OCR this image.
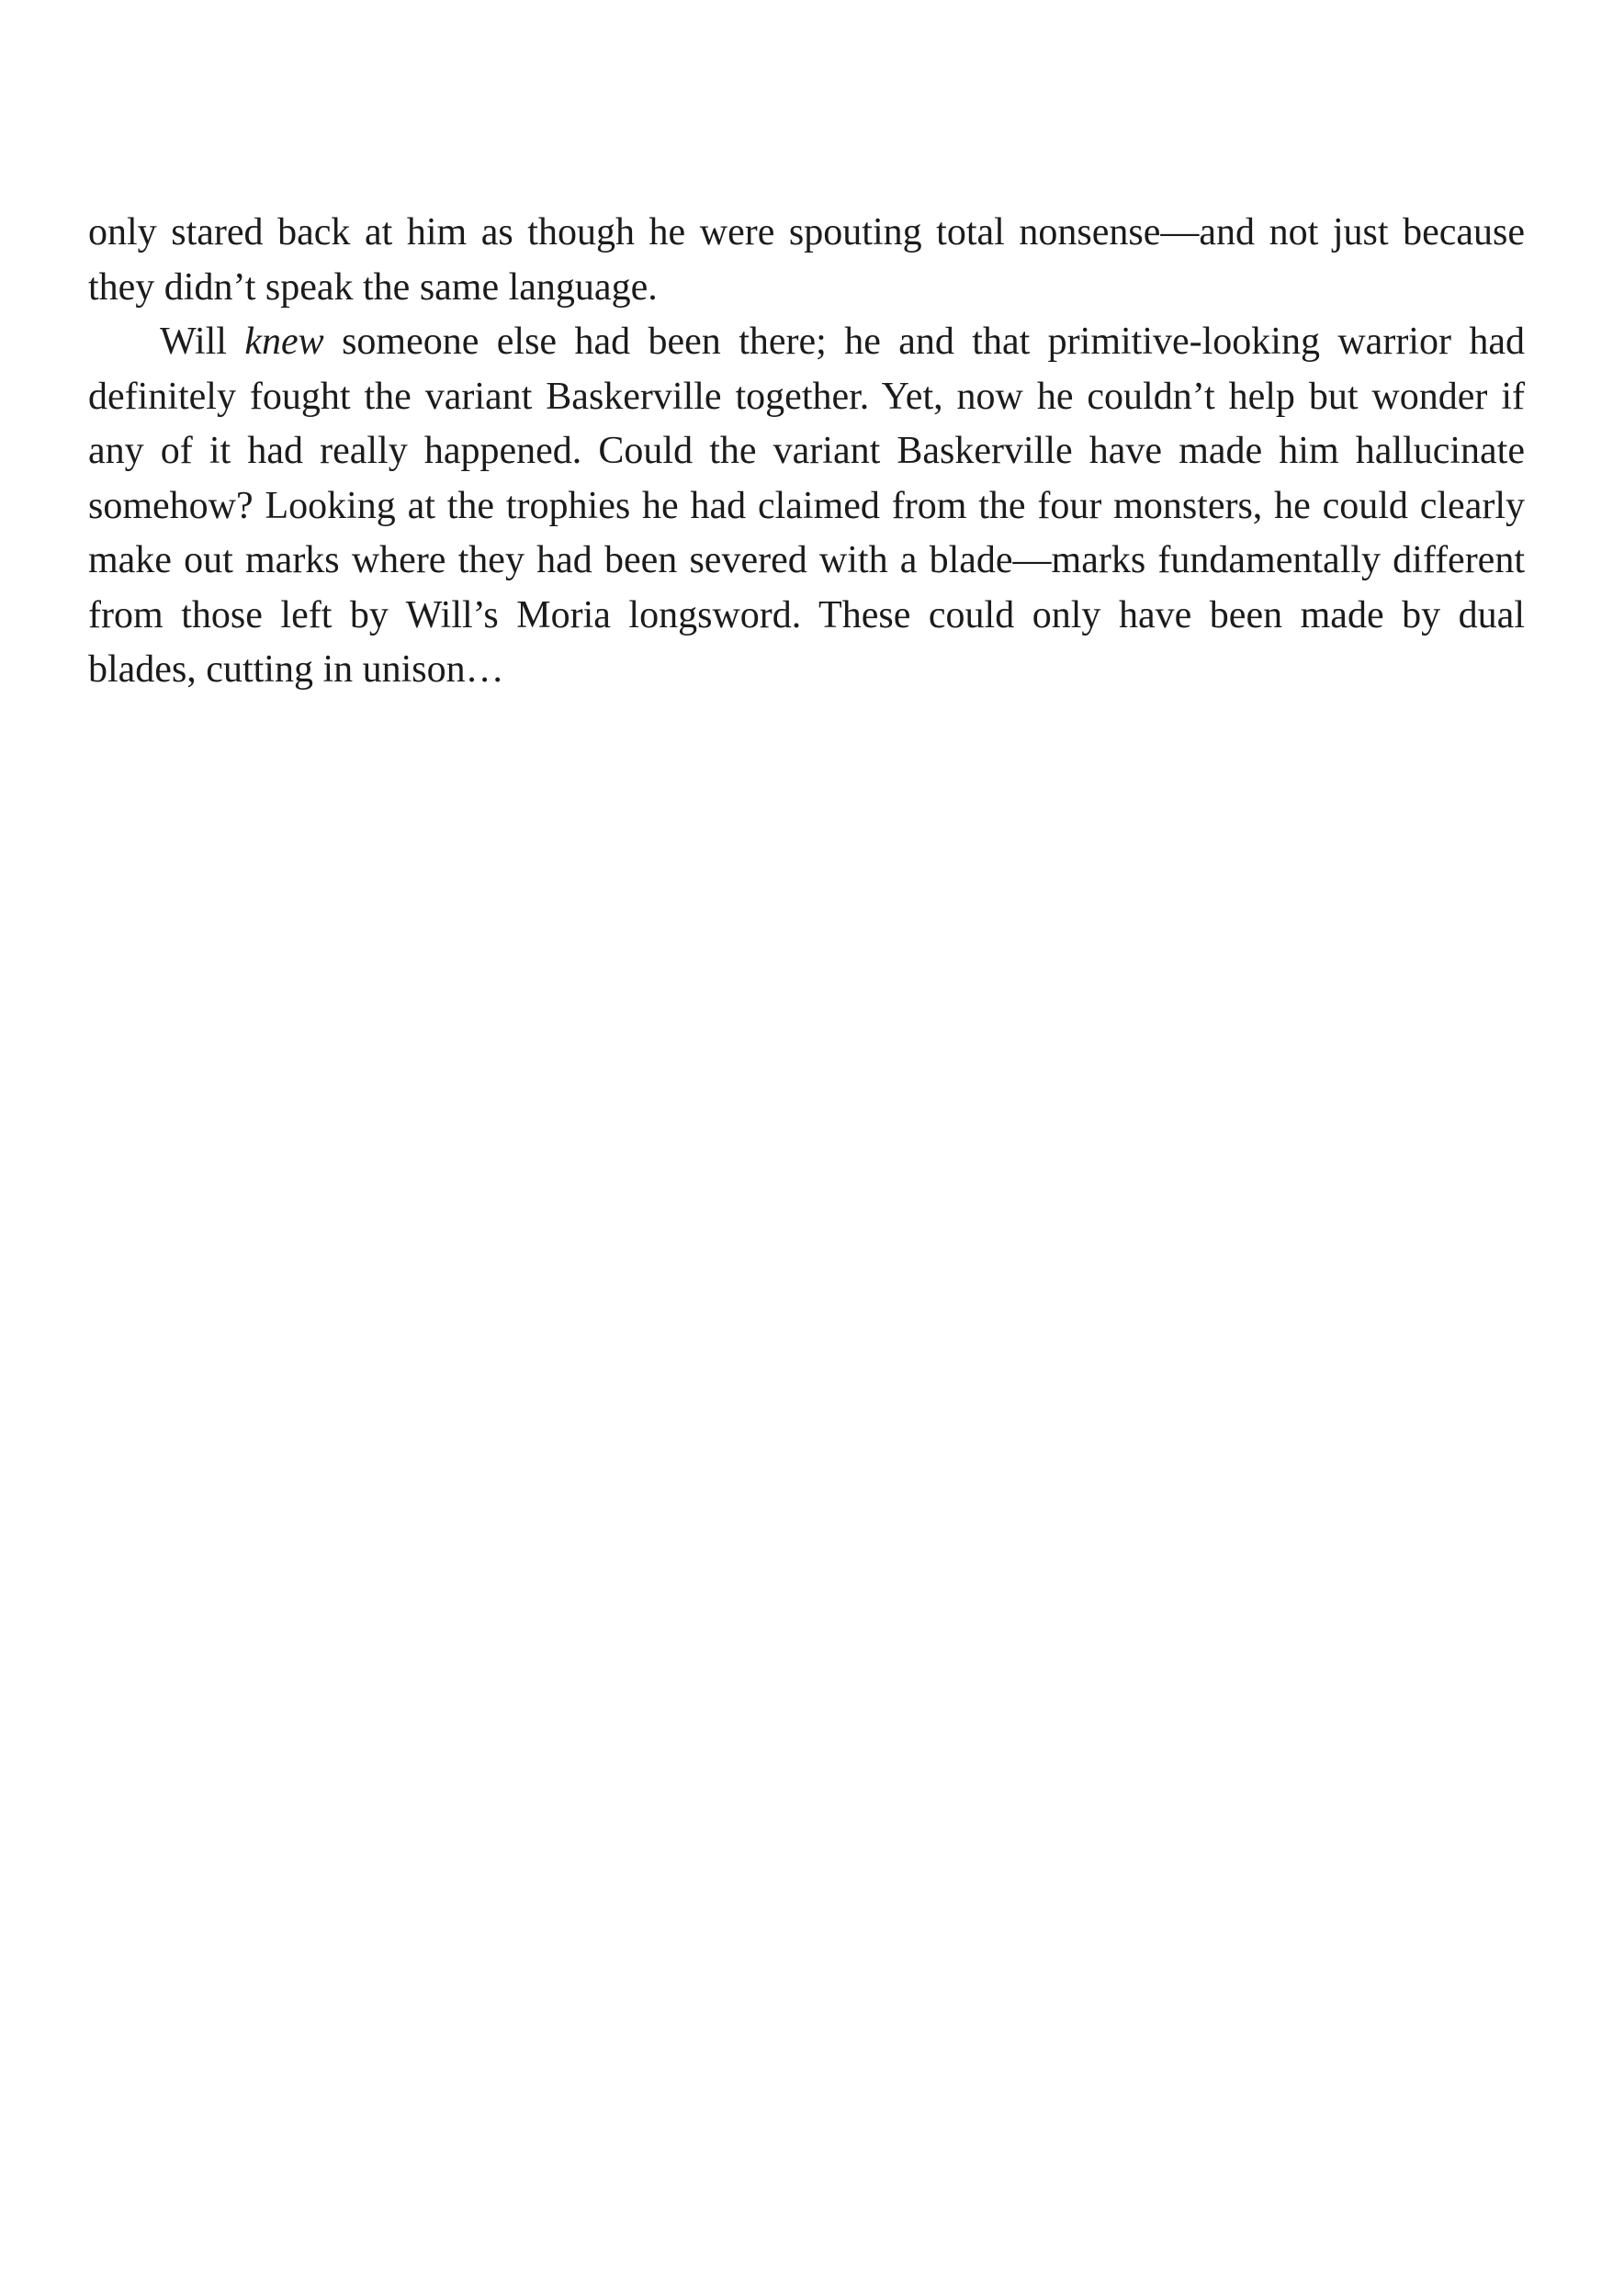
only stared back at him as though he were spouting total nonsense—and not just because they didn’t speak the same language.

Will knew someone else had been there; he and that primitive-looking warrior had definitely fought the variant Baskerville together. Yet, now he couldn’t help but wonder if any of it had really happened. Could the variant Baskerville have made him hallucinate somehow? Looking at the trophies he had claimed from the four monsters, he could clearly make out marks where they had been severed with a blade—marks fundamentally different from those left by Will’s Moria longsword. These could only have been made by dual blades, cutting in unison…
